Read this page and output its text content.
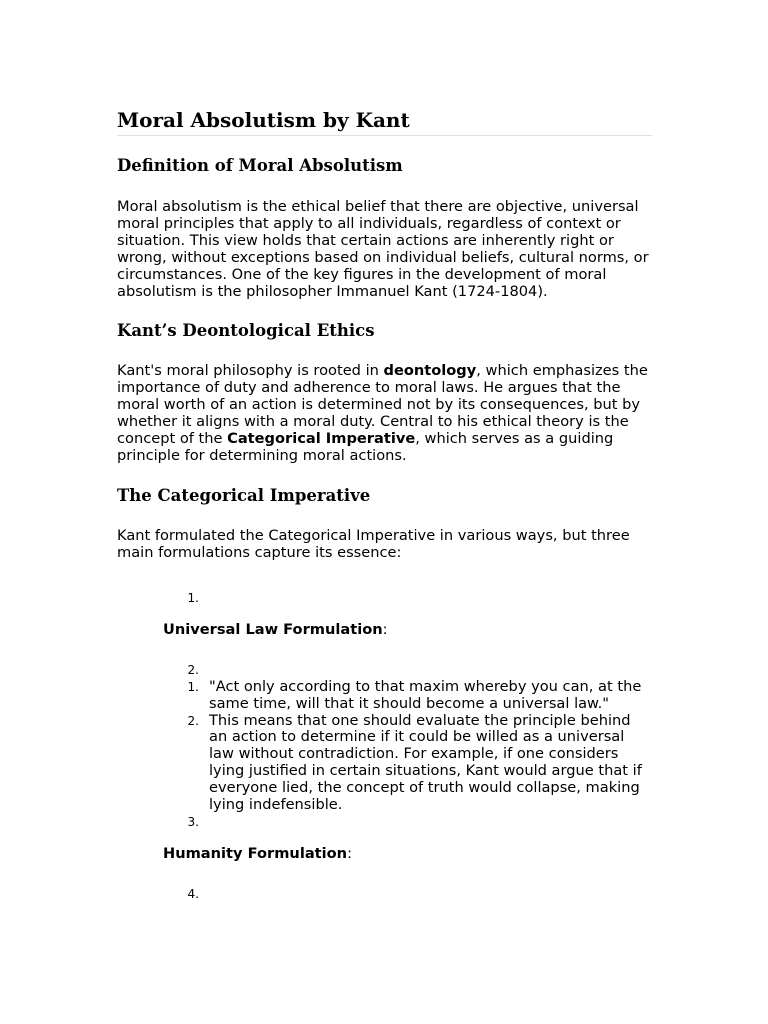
Moral Absolutism by Kant
Definition of Moral Absolutism

Moral absolutism is the ethical belief that there are objective, universal moral principles that apply to all individuals, regardless of context or situation. This view holds that certain actions are inherently right or wrong, without exceptions based on individual beliefs, cultural norms, or circumstances. One of the key figures in the development of moral absolutism is the philosopher Immanuel Kant (1724-1804).

Kant’s Deontological Ethics

Kant's moral philosophy is rooted in deontology, which emphasizes the importance of duty and adherence to moral laws. He argues that the moral worth of an action is determined not by its consequences, but by whether it aligns with a moral duty. Central to his ethical theory is the concept of the Categorical Imperative, which serves as a guiding principle for determining moral actions.

The Categorical Imperative

Kant formulated the Categorical Imperative in various ways, but three main formulations capture its essence:

1.
Universal Law Formulation:
2.
1. "Act only according to that maxim whereby you can, at the same time, will that it should become a universal law."
2. This means that one should evaluate the principle behind an action to determine if it could be willed as a universal law without contradiction. For example, if one considers lying justified in certain situations, Kant would argue that if everyone lied, the concept of truth would collapse, making lying indefensible.
3.
Humanity Formulation:
4.
